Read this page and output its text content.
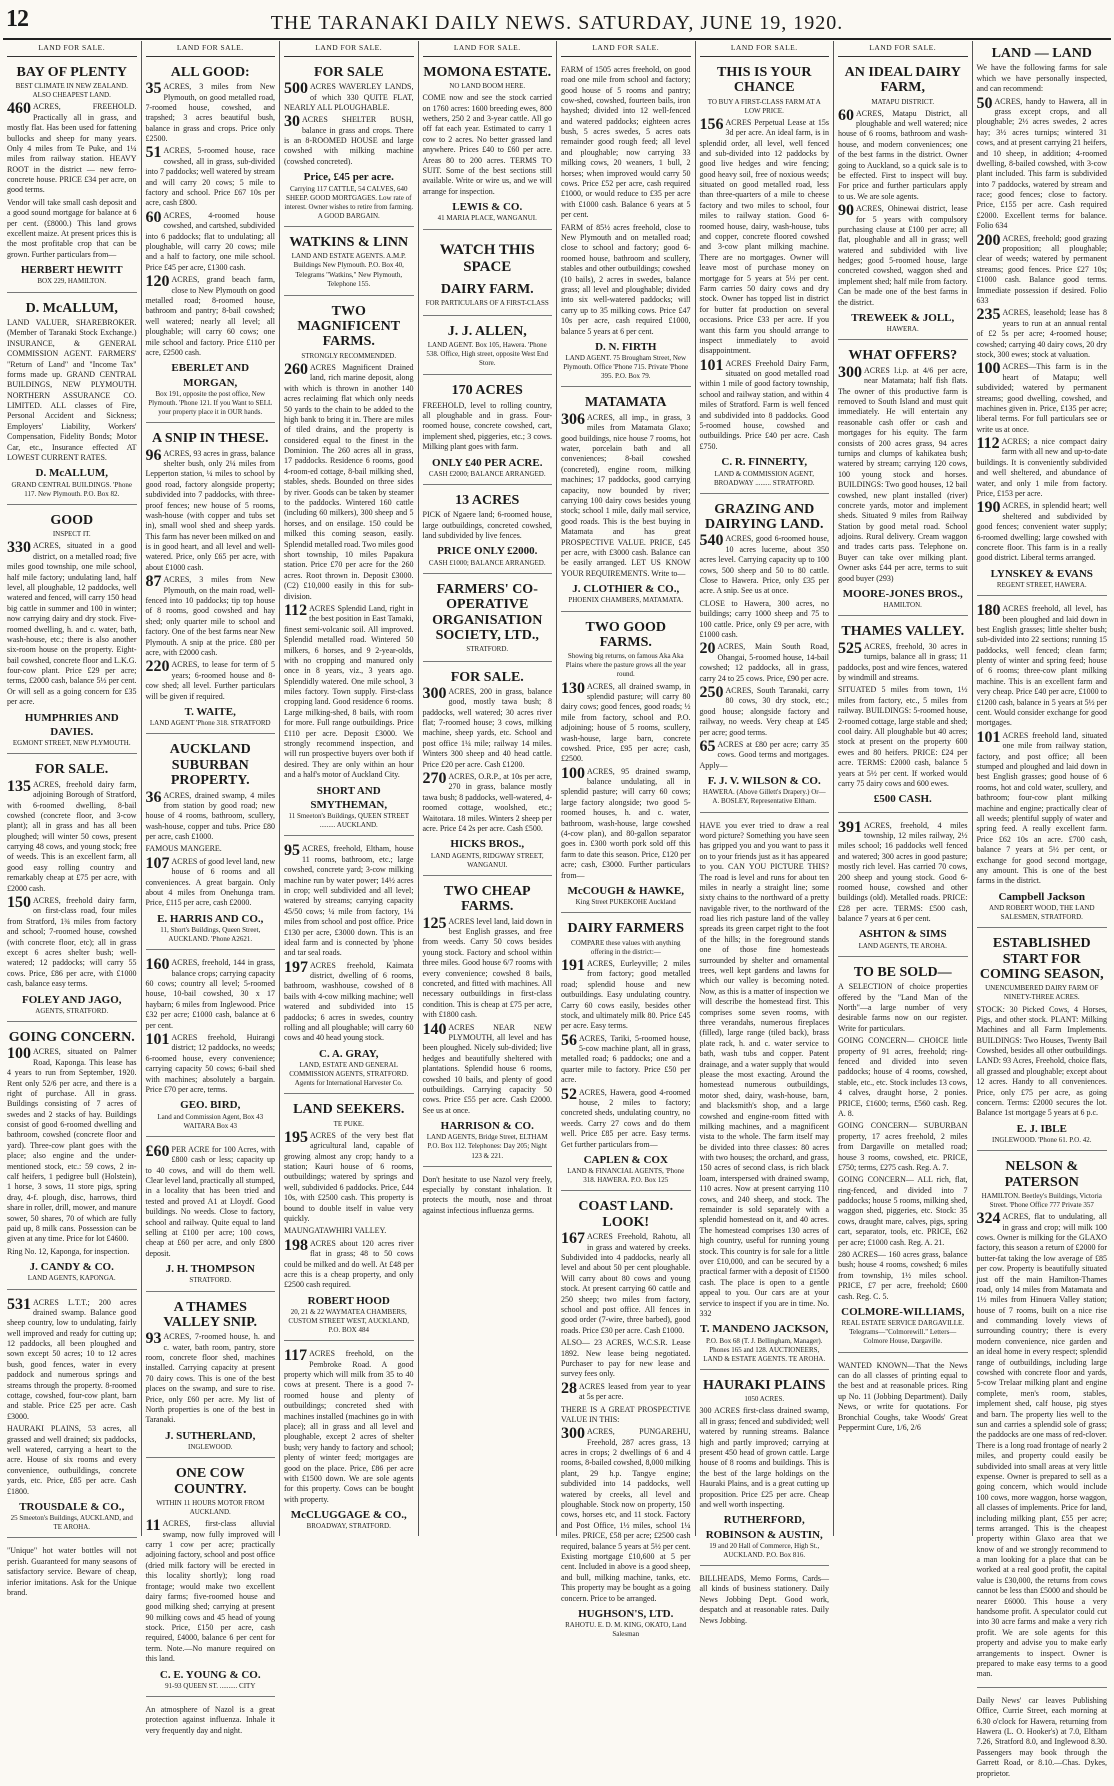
12	THE TARANAKI DAILY NEWS. SATURDAY, JUNE 19, 1920.
LAND FOR SALE.
BAY OF PLENTY
BEST CLIMATE IN NEW ZEALAND. ALSO CHEAPEST LAND.
460 ACRES, FREEHOLD. Practically all in grass, and mostly flat. Has been used for fattening bullocks and sheep for many years. Only 4 miles from Te Puke, and 1¼ miles from railway station. HEAVY ROOT in the district — new ferro-concrete house. PRICE £34 per acre, on good terms.
Vendor will take small cash deposit and a good sound mortgage for balance at 6 per cent. (£8000.) This land grows excellent maize. At present prices this is the most profitable crop that can be grown. Further particulars from—
HERBERT HEWITT
BOX 229, HAMILTON.
D. McALLUM,
LAND VALUER, SHAREBROKER. (Member of Taranaki Stock Exchange.) INSURANCE, & GENERAL COMMISSION AGENT. FARMERS' "Return of Land" and "Income Tax" forms made up. GRAND CENTRAL BUILDINGS, NEW PLYMOUTH. NORTHERN ASSURANCE CO. LIMITED. ALL classes of Fire, Personal Accident and Sickness; Employers' Liability, Workers' Compensation, Fidelity Bonds; Motor Car, etc., Insurance effected AT LOWEST CURRENT RATES.
D. McALLUM,
GRAND CENTRAL BUILDINGS. 'Phone 117. New Plymouth. P.O. Box 82.
GOOD
INSPECT IT.
330 ACRES, situated in a good district, on a metalled road; five miles good township, one mile school, half mile factory; undulating land, half level, all ploughable, 12 paddocks, well watered and fenced, will carry 150 head big cattle in summer and 100 in winter; now carrying dairy and dry stock. Five-roomed dwelling, h. and c. water, bath, wash-house, etc.; there is also another six-room house on the property. Eight-bail cowshed, concrete floor and L.K.G. four-cow plant. Price £29 per acre; terms, £2000 cash, balance 5½ per cent. Or will sell as a going concern for £35 per acre.
HUMPHRIES AND DAVIES.
EGMONT STREET, NEW PLYMOUTH.
FOR SALE.
135 ACRES, freehold dairy farm, adjoining Borough of Stratford, with 6-roomed dwelling, 8-bail cowshed (concrete floor, and 3-cow plant); all in grass and has all been ploughed; will winter 50 cows, present carrying 48 cows, and young stock; free of weeds. This is an excellent farm, all good easy rolling country and remarkably cheap at £75 per acre, with £2000 cash.
150 ACRES, freehold dairy farm, on first-class road, four miles from Stratford, 1¾ miles from factory and school; 7-roomed house, cowshed (with concrete floor, etc); all in grass except 6 acres shelter bush; well-watered; 12 paddocks; will carry 55 cows. Price, £86 per acre, with £1000 cash, balance easy terms.
FOLEY AND JAGO,
AGENTS, STRATFORD.
GOING CONCERN.
100 ACRES, situated on Palmer Road, Kaponga. This lease has 4 years to run from September, 1920. Rent only 52/6 per acre, and there is a right of purchase. All in grass. Buildings consisting of 7 acres of swedes and 2 stacks of hay. Buildings consist of good 6-roomed dwelling and bathroom, cowshed (concrete floor and yard). Three-cow plant goes with the place; also engine and the under-mentioned stock, etc.: 59 cows, 2 in-calf heifers, 1 pedigree bull (Holstein), 1 horse, 3 sows, 11 store pigs, spring dray, 4-f. plough, disc, harrows, third share in roller, drill, mower, and manure sower, 50 shares, 70 of which are fully paid up, 8 milk cans. Possession can be given at any time. Price for lot £4600.
Ring No. 12, Kaponga, for inspection.
J. CANDY & CO.
LAND AGENTS, KAPONGA.
531 ACRES L.T.T.; 200 acres drained swamp. Balance good sheep country, low to undulating, fairly well improved and ready for cutting up; 12 paddocks, all been ploughed and sown except 50 acres; 10 to 12 acres bush, good fences, water in every paddock and numerous springs and streams through the property. 8-roomed cottage, cowshed, four-cow plant, barn and stable. Price £25 per acre. Cash £3000.
HAURAKI PLAINS, 53 acres, all grassed and well drained; six paddocks, well watered, carrying a heart to the acre. House of six rooms and every convenience, outbuildings, concrete yards, etc. Price, £85 per acre. Cash £1800.
TROUSDALE & CO.,
25 Smeeton's Buildings, AUCKLAND, and TE AROHA.
"Unique" hot water bottles will not perish. Guaranteed for many seasons of satisfactory service. Beware of cheap, inferior imitations. Ask for the Unique brand.
LAND FOR SALE.
ALL GOOD:
35 ACRES, 3 miles from New Plymouth, on good metalled road, 7-roomed house, cowshed, and trapshed; 3 acres beautiful bush, balance in grass and crops. Price only £2500.
51 ACRES, 5-roomed house, race cowshed, all in grass, sub-divided into 7 paddocks; well watered by stream and will carry 20 cows; 5 mile to factory and school. Price £67 10s per acre, cash £800.
60 ACRES, 4-roomed house cowshed, and cartshed, subdivided into 6 paddocks; flat to undulating; all ploughable, will carry 20 cows; mile and a half to factory, one mile school. Price £45 per acre, £1300 cash.
120 ACRES, grand beach farm, close to New Plymouth on good metalled road; 8-roomed house, bathroom and pantry; 8-bail cowshed; well watered; nearly all level; all ploughable; will carry 60 cows; one mile school and factory. Price £110 per acre, £2500 cash.
EBERLET AND MORGAN,
Box 191, opposite the post office, New Plymouth. 'Phone 121. If you Want to SELL your property place it in OUR hands.
A SNIP IN THESE.
96 ACRES, 93 acres in grass, balance shelter bush, only 2¼ miles from Lepperton station, ¼ miles to school by good road, factory alongside property; subdivided into 7 paddocks, with three-proof fences; new house of 5 rooms, wash-house (with copper and tubs set in), small wool shed and sheep yards. This farm has never been milked on and is in good heart, and all level and well-watered. Price, only £65 per acre, with about £1000 cash.
87 ACRES, 3 miles from New Plymouth, on the main road, well-fenced into 10 paddocks; tip top house of 8 rooms, good cowshed and hay shed; only quarter mile to school and factory. One of the best farms near New Plymouth. A snip at the price. £80 per acre, with £2000 cash.
220 ACRES, to lease for term of 5 years; 6-roomed house and 8-cow shed; all level. Further particulars will be given if required.
T. WAITE,
LAND AGENT 'Phone 318. STRATFORD
AUCKLAND SUBURBAN PROPERTY.
36 ACRES, drained swamp, 4 miles from station by good road; new house of 4 rooms, bathroom, scullery, wash-house, copper and tubs. Price £80 per acre, cash £1000.
FAMOUS MANGERE.
107 ACRES of good level land, new house of 6 rooms and all conveniences. A great bargain. Only about 4 miles from Onehunga tram. Price, £115 per acre, cash £2000.
E. HARRIS AND CO.,
11, Short's Buildings, Queen Street, AUCKLAND. 'Phone A2621.
160 ACRES, freehold, 144 in grass, balance crops; carrying capacity 60 cows; country all level; 5-roomed house, 10-bail cowshed, 30 x 17 haybarn; 6 miles from Inglewood. Price £32 per acre; £1000 cash, balance at 6 per cent.
101 ACRES freehold, Huirangi district; 12 paddocks, no weeds; 6-roomed house, every convenience; carrying capacity 50 cows; 6-bail shed with machines; absolutely a bargain. Price £70 per acre, terms.
GEO. BIRD,
Land and Commission Agent, Box 43 WAITARA Box 43
£60 PER ACRE for 100 Acres, with £800 cash or less; capacity up to 40 cows, and will do them well. Clear level land, practically all stumped, in a locality that has been tried and tested and proved A1 at Lloydf. Good buildings. No weeds. Close to factory, school and railway. Quite equal to land selling at £100 per acre; 100 cows, cheap at £60 per acre, and only £800 deposit.
J. H. THOMPSON
STRATFORD.
A THAMES VALLEY SNIP.
93 ACRES, 7-roomed house, h. and c. water, bath room, pantry, store room, concrete floor shed, machines installed. Carrying capacity at present 70 dairy cows. This is one of the best places on the swamp, and sure to rise. Price, only £60 per acre. My list of North properties is one of the best in Taranaki.
J. SUTHERLAND,
INGLEWOOD.
ONE COW COUNTRY.
WITHIN 11 HOURS MOTOR FROM AUCKLAND.
11 ACRES, first-class alluvial swamp, now fully improved will carry 1 cow per acre; practically adjoining factory, school and post office (dried milk factory will be erected in this locality shortly); long road frontage; would make two excellent dairy farms; five-roomed house and good milking shed; carrying at present 90 milking cows and 45 head of young stock. Price, £150 per acre, cash required, £4000, balance 6 per cent for term. Note.—No manure required on this land.
C. E. YOUNG & CO.
91-93 QUEEN ST. .......... CITY
An atmosphere of Nazol is a great protection against influenza. Inhale it very frequently day and night.
LAND FOR SALE.
FOR SALE
500 ACRES WAVERLEY LANDS, of which 330 QUITE FLAT, NEARLY ALL PLOUGHABLE.
30 ACRES SHELTER BUSH, balance in grass and crops. There is an 8-ROOMED HOUSE and large cowshed with milking machine (cowshed concreted).
Price, £45 per acre.
Carrying 117 CATTLE, 54 CALVES, 640 SHEEP. GOOD MORTGAGES. Low rate of interest. Owner wishes to retire from farming. A GOOD BARGAIN.
WATKINS & LINN
LAND AND ESTATE AGENTS. A.M.P. Buildings New Plymouth. P.O. Box 40, Telegrams "Watkins," New Plymouth, Telephone 155.
TWO MAGNIFICENT FARMS.
STRONGLY RECOMMENDED.
260 ACRES Magnificent Drained land, rich marine deposit, along with which is thrown in another 140 acres reclaiming flat which only needs 50 yards to the chain to be added to the high bank to bring it in. There are miles of tiled drains, and the property is considered equal to the finest in the Dominion. The 260 acres all in grass, 17 paddocks. Residence 6 rooms, good 4-room-ed cottage, 8-bail milking shed, stables, sheds. Bounded on three sides by river. Goods can be taken by steamer to the paddocks. Wintered 160 cattle (including 60 milkers), 300 sheep and 5 horses, and on ensilage. 150 could be milked this coming season, easily. Splendid metalled road. Two miles good short township, 10 miles Papakura station. Price £70 per acre for the 260 acres. Root thrown in. Deposit £3000. (C2) £10,000 easily in this for sub-division.
112 ACRES Splendid Land, right in the best position in East Tamaki, finest semi-volcanic soil. All improved. Splendid metalled road. Wintered 50 milkers, 6 horses, and 9 2-year-olds, with no cropping and manured only once in 8 years, viz., 3 years ago. Splendidly watered. One mile school, 3 miles factory. Town supply. First-class cropping land. Good residence 6 rooms. Large milking-shed, 8 bails, with room for more. Full range outbuildings. Price £110 per acre. Deposit £3000. We strongly recommend inspection, and will run prospective buyers over both if desired. They are only within an hour and a half's motor of Auckland City.
SHORT AND SMYTHEMAN,
11 Smeeton's Buildings, QUEEN STREET ......... AUCKLAND.
95 ACRES, freehold, Eltham, house 11 rooms, bathroom, etc.; large cowshed, concrete yard; 3-cow milking machine run by water power; 14½ acres in crop; well subdivided and all level; watered by streams; carrying capacity 45/50 cows; ¼ mile from factory, 1¼ miles from school and post office. Price £130 per acre, £3000 down. This is an ideal farm and is connected by 'phone and tar seal roads.
197 ACRES freehold, Kaimata district, dwelling of 6 rooms, bathroom, washhouse, cowshed of 8 bails with 4-cow milking machine; well watered and subdivided into 15 paddocks; 6 acres in swedes, country rolling and all ploughable; will carry 60 cows and 40 head young stock.
C. A. GRAY,
LAND, ESTATE AND GENERAL COMMISSION AGENTS, STRATFORD. Agents for International Harvester Co.
LAND SEEKERS.
TE PUKE.
195 ACRES of the very best flat agricultural land, capable of growing almost any crop; handy to a station; Kauri house of 6 rooms, outbuildings; watered by springs and well, subdivided 6 paddocks. Price, £44 10s, with £2500 cash. This property is bound to double itself in value very quickly.
MAUNGATAWHIRI VALLEY.
198 ACRES about 120 acres river flat in grass; 48 to 50 cows could be milked and do well. At £48 per acre this is a cheap property, and only £2500 cash required.
ROBERT HOOD
20, 21 & 22 WAYMATEA CHAMBERS, CUSTOM STREET WEST, AUCKLAND, P.O. BOX 484
117 ACRES freehold, on the Pembroke Road. A good property which will milk from 35 to 40 cows at present. There is a good 7-roomed house and plenty of outbuildings; concreted shed with machines installed (machines go in with place); all in grass and all level and ploughable, except 2 acres of shelter bush; very handy to factory and school; plenty of winter feed; mortgages are good on the place. Price, £86 per acre with £1500 down. We are sole agents for this property. Cows can be bought with property.
McCLUGGAGE & CO.,
BROADWAY, STRATFORD.
LAND FOR SALE.
MOMONA ESTATE.
NO LAND BOOM HERE.
COME now and see the stock carried on 1760 acres: 1600 breeding ewes, 800 wethers, 250 2 and 3-year cattle. All go off fat each year. Estimated to carry 1 cow to 2 acres. No better grassed land anywhere. Prices £40 to £60 per acre. Areas 80 to 200 acres. TERMS TO SUIT. Some of the best sections still available. Write or wire us, and we will arrange for inspection.
LEWIS & CO.
41 MARIA PLACE, WANGANUI.
WATCH THIS SPACE
DAIRY FARM.
FOR PARTICULARS OF A FIRST-CLASS
J. J. ALLEN,
LAND AGENT. Box 105, Hawera. 'Phone 538. Office, High street, opposite West End Store.
170 ACRES
FREEHOLD, level to rolling country, all ploughable and in grass. Four-roomed house, concrete cowshed, cart, implement shed, piggeries, etc.; 3 cows. Milking plant goes with farm.
ONLY £40 PER ACRE.
CASH £2000; BALANCE ARRANGED.
13 ACRES
PICK of Ngaere land; 6-roomed house, large outbuildings, concreted cowshed, land subdivided by live fences.
PRICE ONLY £2000.
CASH £1000; BALANCE ARRANGED.
FARMERS' CO-OPERATIVE ORGANISATION SOCIETY, LTD.,
STRATFORD.
FOR SALE.
300 ACRES, 200 in grass, balance good, mostly tawa bush; 8 paddocks, well watered; 30 acres river flat; 7-roomed house; 3 cows, milking machine, sheep yards, etc. School and post office 1¼ mile; railway 14 miles. Winters 300 sheep and 40 head cattle. Price £20 per acre. Cash £1200.
270 ACRES, O.R.P., at 10s per acre, 270 in grass, balance mostly tawa bush; 8 paddocks, well-watered, 4-roomed cottage, woolshed, etc.; Waitotara. 18 miles. Winters 2 sheep per acre. Price £4 2s per acre. Cash £500.
HICKS BROS.,
LAND AGENTS, RIDGWAY STREET, WANGANUI.
TWO CHEAP FARMS.
125 ACRES level land, laid down in best English grasses, and free from weeds. Carry 50 cows besides young stock. Factory and school within three miles. Good house 6/7 rooms with every convenience; cowshed 8 bails, concreted, and fitted with machines. All necessary outbuildings in first-class condition. This is cheap at £75 per acre, with £1800 cash.
140 ACRES NEAR NEW PLYMOUTH, all level and has been ploughed. Nicely sub-divided; live hedges and beautifully sheltered with plantations. Splendid house 6 rooms, cowshed 10 bails, and plenty of good outbuildings. Carrying capacity 50 cows. Price £55 per acre. Cash £2000. See us at once.
HARRISON & CO.
LAND AGENTS, Bridge Street, ELTHAM P.O. Box 112. Telephones: Day 205; Night 123 & 221.
Don't hesitate to use Nazol very freely, especially by constant inhalation. It protects the mouth, nose and throat against infectious influenza germs.
LAND FOR SALE.
FARM of 1505 acres freehold, on good road one mile from school and factory; good house of 5 rooms and pantry; cow-shed, cowshed, fourteen bails, iron hayshed; divided into 12 well-fenced and watered paddocks; eighteen acres bush, 5 acres swedes, 5 acres oats remainder good rough feed; all level and ploughable; now carrying 33 milking cows, 20 weaners, 1 bull, 2 horses; when improved would carry 50 cows. Price £52 per acre, cash required £1000, or would reduce to £35 per acre with £1000 cash. Balance 6 years at 5 per cent.
FARM of 85½ acres freehold, close to New Plymouth and on metalled road; close to school and factory; good 6-roomed house, bathroom and scullery, stables and other outbuildings; cowshed (10 bails), 2 acres in swedes, balance grass; all level and ploughable; divided into six well-watered paddocks; will carry up to 35 milking cows. Price £47 10s per acre, cash required £1000, balance 5 years at 6 per cent.
D. N. FIRTH
LAND AGENT. 75 Brougham Street, New Plymouth. Office 'Phone 715. Private 'Phone 395. P.O. Box 79.
MATAMATA
306 ACRES, all imp., in grass, 3 miles from Matamata Glaxo; good buildings, nice house 7 rooms, hot water, porcelain bath and all conveniences; 8-bail cowshed (concreted), engine room, milking machines; 17 paddocks, good carrying capacity, now bounded by river; carrying 100 dairy cows besides young stock; school 1 mile, daily mail service, good roads. This is the best buying in Matamata and has great PROSPECTIVE VALUE. PRICE, £45 per acre, with £3000 cash. Balance can be easily arranged. LET US KNOW YOUR REQUIREMENTS. Write to—
J. CLOTHIER & CO.,
PHOENIX CHAMBERS, MATAMATA.
TWO GOOD FARMS.
Showing big returns, on famous Aka Aka Plains where the pasture grows all the year round.
130 ACRES, all drained swamp, in splendid pasture; will carry 80 dairy cows; good fences, good roads; ½ mile from factory, school and P.O. adjoining; house of 5 rooms, scullery, wash-house, large barn, concrete cowshed. Price, £95 per acre; cash, £2500.
100 ACRES, 95 drained swamp, balance undulating, all in splendid pasture; will carry 60 cows; large factory alongside; two good 5-roomed houses, h. and c. water, bathroom, wash-house, large cowshed (4-cow plan), and 80-gallon separator goes in. £300 worth pork sold off this farm to date this season. Price, £120 per acre; cash, £3000. Further particulars from—
McCOUGH & HAWKE,
King Street PUKEKOHE Auckland
DAIRY FARMERS
COMPARE these values with anything offering in the district:—
191 ACRES, Eurleyville; 2 miles from factory; good metalled road; splendid house and new outbuildings. Easy undulating country. Carry 60 cows easily, besides other stock, and ultimately milk 80. Price £45 per acre. Easy terms.
56 ACRES, Tariki, 5-roomed house, 5-cow machine plant, all in grass, metalled road; 6 paddocks; one and a quarter mile to factory. Price £50 per acre.
52 ACRES, Hawera, good 4-roomed house, 2 miles to factory; concreted sheds, undulating country, no weeds. Carry 27 cows and do them well. Price £85 per acre. Easy terms. Get further particulars from—
CAPLEN & COX
LAND & FINANCIAL AGENTS, 'Phone 318. HAWERA. P.O. Box 125
COAST LAND. LOOK!
167 ACRES Freehold, Rahotu, all in grass and watered by creeks. Subdivided into 4 paddocks, nearly all level and about 50 per cent ploughable. Will carry about 80 cows and young stock. At present carrying 60 cattle and 250 sheep; two miles from factory, school and post office. All fences in good order (7-wire, three barbed), good roads. Price £30 per acre. Cash £1000.
ALSO— 23 ACRES, W.C.S.R. Lease 1892. New lease being negotiated. Purchaser to pay for new lease and survey fees only.
28 ACRES leased from year to year at 5s per acre.
THERE IS A GREAT PROSPECTIVE VALUE IN THIS:
300 ACRES, PUNGAREHU, Freehold, 287 acres grass, 13 acres in crops; 2 dwellings of 6 and 4 rooms, 8-bailed cowshed, 8,000 milking plant, 29 h.p. Tangye engine; subdivided into 14 paddocks, well watered by creeks, all level and ploughable. Stock now on property, 150 cows, horses etc, and 11 stock. Factory and Post Office, 1½ miles, school 1¼ miles. PRICE, £58 per acre; £2500 cash required, balance 5 years at 5½ per cent. Existing mortgage £10,600 at 5 per cent. Included in above is a good sheep, and bull, milking machine, tanks, etc. This property may be bought as a going concern. Price to be arranged.
HUGHSON'S, LTD.
RAHOTU. E. D. M. KING, OKATO, Land Salesman
LAND FOR SALE.
THIS IS YOUR CHANCE
TO BUY A FIRST-CLASS FARM AT A LOW PRICE.
156 ACRES Perpetual Lease at 15s 3d per acre. An ideal farm, is in splendid order, all level, well fenced and sub-divided into 12 paddocks by good live hedges and wire fencing; good heavy soil, free of noxious weeds; situated on good metalled road, less than three-quarters of a mile to cheese factory and two miles to school, four miles to railway station. Good 6-roomed house, dairy, wash-house, tubs and copper, concrete floored cowshed and 3-cow plant milking machine. There are no mortgages. Owner will leave most of purchase money on mortgage for 5 years at 5½ per cent. Farm carries 50 dairy cows and dry stock. Owner has topped list in district for butter fat production on several occasions. Price £33 per acre. If you want this farm you should arrange to inspect immediately to avoid disappointment.
101 ACRES Freehold Dairy Farm, situated on good metalled road within 1 mile of good factory township, school and railway station, and within 4 miles of Stratford. Farm is well fenced and subdivided into 8 paddocks. Good 5-roomed house, cowshed and outbuildings. Price £40 per acre. Cash £750.
C. R. FINNERTY,
LAND & COMMISSION AGENT, BROADWAY ......... STRATFORD.
GRAZING AND DAIRYING LAND.
540 ACRES, good 6-roomed house, 10 acres lucerne, about 350 acres level. Carrying capacity up to 100 cows, 500 sheep and 50 to 80 cattle. Close to Hawera. Price, only £35 per acre. A snip. See us at once.
CLOSE to Hawera, 300 acres, no buildings; carry 1000 sheep and 75 to 100 cattle. Price, only £9 per acre, with £1000 cash.
20 ACRES, Main South Road, Ohangai, 5-roomed house, 14-bail cowshed; 12 paddocks, all in grass, carry 24 to 25 cows. Price, £90 per acre.
250 ACRES, South Taranaki, carry 80 cows, 30 dry stock, etc.; good house; alongside factory and railway, no weeds. Very cheap at £45 per acre; good terms.
65 ACRES at £80 per acre; carry 35 cows. Good terms and mortgages. Apply—
F. J. V. WILSON & CO.
HAWERA. (Above Gillett's Drapery.) Or— A. BOSLEY, Representative Eltham.
HAVE you ever tried to draw a real word picture? Something you have seen has gripped you and you want to pass it on to your friends just as it has appeared to you. CAN YOU PICTURE THIS? The road is level and runs for about ten miles in nearly a straight line; some sixty chains to the northward of a pretty navigable river, to the northward of the road lies rich pasture land of the valley spreads its green carpet right to the foot of the hills; in the foreground stands one of those fine homesteads surrounded by shelter and ornamental trees, well kept gardens and lawns for which our valley is becoming noted. Now, as this is a matter of inspection we will describe the homestead first. This comprises some seven rooms, with three verandahs, numerous fireplaces (filled), large range (tiled back), brass plate rack, h. and c. water service to bath, wash tubs and copper. Patent drainage, and a water supply that would please the most exacting. Around the homestead numerous outbuildings, motor shed, dairy, wash-house, barn, and blacksmith's shop, and a large cowshed and engine-room fitted with milking machines, and a magnificent vista to the whole. The farm itself may be divided into three classes: 80 acres with two houses; the orchard, and grass, 150 acres of second class, is rich black loam, interspersed with drained swamp, 110 acres. Now at present carrying 110 cows, and 240 sheep, and stock. The remainder is sold separately with a splendid homestead on it, and 40 acres. The homestead comprises 130 acres of high country, useful for running young stock. This country is for sale for a little over £10,000, and can be secured by a practical farmer with a deposit of £1500 cash. The place is open to a gentle appeal to you. Our cars are at your service to inspect if you are in time. No. 332
T. MANDENO JACKSON,
P.O. Box 68 (T. J. Bellingham, Manager). Phones 165 and 128. AUCTIONEERS, LAND & ESTATE AGENTS. TE AROHA.
HAURAKI PLAINS
1050 ACRES.
300 ACRES first-class drained swamp, all in grass; fenced and subdivided; well watered by running streams. Balance high and partly improved; carrying at present 450 head of grown cattle. Large house of 8 rooms and buildings. This is the best of the large holdings on the Hauraki Plains, and is a great cutting up proposition. Price £25 per acre. Cheap and well worth inspecting.
RUTHERFORD, ROBINSON & AUSTIN,
19 and 20 Hall of Commerce, High St., AUCKLAND. P.O. Box 816.
BILLHEADS, Memo Forms, Cards—all kinds of business stationery. Daily News Jobbing Dept. Good work, despatch and at reasonable rates. Daily News Jobbing.
LAND FOR SALE.
AN IDEAL DAIRY FARM,
MATAPU DISTRICT.
60 ACRES, Matapu District, all ploughable and well watered; nice house of 6 rooms, bathroom and wash-house, and modern conveniences; one of the best farms in the district. Owner going to Auckland, so a quick sale is to be effected. First to inspect will buy. For price and further particulars apply to us. We are sole agents.
90 ACRES, Ohinewai district, lease for 5 years with compulsory purchasing clause at £100 per acre; all flat, ploughable and all in grass; well watered and subdivided with live hedges; good 5-roomed house, large concreted cowshed, waggon shed and implement shed; half mile from factory. Can be made one of the best farms in the district.
TREWEEK & JOLL,
HAWERA.
WHAT OFFERS?
300 ACRES l.i.p. at 4/6 per acre, near Matamata; half fish flats. The owner of this productive farm is removed to South Island and must quit immediately. He will entertain any reasonable cash offer or cash and mortgages for his equity. The farm consists of 200 acres grass, 94 acres turnips and clumps of kahikatea bush; watered by stream; carrying 120 cows, 100 young stock and horses. BUILDINGS: Two good houses, 12 bail cowshed, new plant installed (river) concrete yards, motor and implement sheds. Situated 9 miles from Railway Station by good metal road. School adjoins. Rural delivery. Cream waggon and trades carts pass. Telephone on. Buyer can take over milking plant. Owner asks £44 per acre, terms to suit good buyer (293)
MOORE-JONES BROS.,
HAMILTON.
THAMES VALLEY.
525 ACRES, freehold, 30 acres in turnips, balance all in grass; 11 paddocks, post and wire fences, watered by windmill and streams.
SITUATED 5 miles from town, 1½ miles from factory, etc., 5 miles from railway. BUILDINGS: 5-roomed house, 2-roomed cottage, large stable and shed; cool dairy. All ploughable but 40 acres; stock at present on the property 600 ewes and 80 heifers. PRICE: £24 per acre. TERMS: £2000 cash, balance 5 years at 5½ per cent. If worked would carry 75 dairy cows and 600 ewes.
£500 CASH.
391 ACRES, freehold, 4 miles township, 12 miles railway, 2½ miles school; 16 paddocks well fenced and watered; 300 acres in good pasture; mostly rich level. Has carried 70 cows, 200 sheep and young stock. Good 6-roomed house, cowshed and other buildings (old). Metalled roads. PRICE: £28 per acre. TERMS: £500 cash, balance 7 years at 6 per cent.
ASHTON & SIMS
LAND AGENTS, TE AROHA.
TO BE SOLD—
A SELECTION of choice properties offered by the "Land Man of the North"—a large number of very desirable farms now on our register. Write for particulars.
GOING CONCERN— CHOICE little property of 91 acres, freehold; ring-fenced and divided into seven paddocks; house of 4 rooms, cowshed, stable, etc., etc. Stock includes 13 cows, 4 calves, draught horse, 2 ponies. PRICE, £1600; terms, £560 cash. Reg. A. 8.
GOING CONCERN— SUBURBAN property, 17 acres freehold, 2 miles from Dargaville on metalled road; house 3 rooms, cowshed, etc. PRICE, £750; terms, £275 cash. Reg. A. 7.
GOING CONCERN— ALL rich, flat, ring-fenced, and divided into 7 paddocks; house 5 rooms, milking shed, waggon shed, piggeries, etc. Stock: 35 cows, draught mare, calves, pigs, spring cart, separator, tools, etc. PRICE, £62 per acre; £1000 cash. Reg. A. 21.
280 ACRES— 160 acres grass, balance bush; house 4 rooms, cowshed; 6 miles from township, 1½ miles school. PRICE, £7 per acre, freehold; £600 cash. Reg. C. 5.
COLMORE-WILLIAMS,
REAL ESTATE SERVICE DARGAVILLE. Telegrams—"Colmorewill." Letters—Colmore House, Dargaville.
WANTED KNOWN—That the News can do all classes of printing equal to the best and at reasonable prices. Ring up No. 11 (Jobbing Department). Daily News, or write for quotations. For Bronchial Coughs, take Woods' Great Peppermint Cure, 1/6, 2/6
LAND — LAND
We have the following farms for sale which we have personally inspected, and can recommend:
50 ACRES, handy to Hawera, all in grass except crops, and all ploughable; 2½ acres swedes, 2 acres hay; 3½ acres turnips; wintered 31 cows, and at present carrying 21 heifers, and 10 sheep, in addition; 4-roomed dwelling, 8-bailed cowshed, with 3-cow plant included. This farm is subdivided into 7 paddocks, watered by stream and race; good fences; close to factory. Price, £155 per acre. Cash required £2000. Excellent terms for balance. Folio 634
200 ACRES, freehold; good grazing proposition; all ploughable; clear of weeds; watered by permanent streams; good fences. Price £27 10s; £1000 cash. Balance good terms. Immediate possession if desired. Folio 633
235 ACRES, leasehold; lease has 8 years to run at an annual rental of £2 5s per acre; 4-roomed house; cowshed; carrying 40 dairy cows, 20 dry stock, 300 ewes; stock at valuation.
100 ACRES—This farm is in the heart of Matapu; well subdivided; watered by permanent streams; good dwelling, cowshed, and machines given in. Price, £135 per acre; liberal terms. For full particulars see or write us at once.
112 ACRES; a nice compact dairy farm with all new and up-to-date buildings. It is conveniently subdivided and well sheltered, and abundance of water, and only 1 mile from factory. Price, £153 per acre.
190 ACRES, in splendid heart; well sheltered and subdivided by good fences; convenient water supply; 6-roomed dwelling; large cowshed with concrete floor. This farm is in a really good district. Liberal terms arranged.
LYNSKEY & EVANS
REGENT STREET, HAWERA.
180 ACRES freehold, all level, has been ploughed and laid down in best English grasses; little shelter bush; sub-divided into 22 sections; running 15 paddocks, well fenced; clean farm; plenty of winter and spring feed; house of 6 rooms; three-cow plant milking machine. This is an excellent farm and very cheap. Price £40 per acre, £1000 to £1200 cash, balance in 5 years at 5½ per cent. Would consider exchange for good mortgages.
101 ACRES freehold land, situated one mile from railway station, factory, and post office; all been stumped and ploughed and laid down in best English grasses; good house of 6 rooms, hot and cold water, scullery, and bathroom; four-cow plant milking machine and engine; practically clear of all weeds; plentiful supply of water and spring feed. A really excellent farm. Price £62 10s an acre. £700 cash, balance 7 years at 5½ per cent, or exchange for good second mortgage, any amount. This is one of the best farms in the district.
Campbell Jackson
AND ROBERT WOOD, THE LAND SALESMEN, STRATFORD.
ESTABLISHED START FOR COMING SEASON,
UNENCUMBERED DAIRY FARM OF NINETY-THREE ACRES.
STOCK: 30 Picked Cows, 4 Horses, Pigs, and other stock. PLANT: Milking Machines and all Farm Implements. BUILDINGS: Two Houses, Twenty Bail Cowshed, besides all other outbuildings. LAND: 93 Acres, Freehold, choice flats, all grassed and ploughable; except about 12 acres. Handy to all conveniences. Price, only £75 per acre, as going concern. Terms: £2000 secures the lot. Balance 1st mortgage 5 years at 6 p.c.
E. J. IBLE
INGLEWOOD. 'Phone 61. P.O. 42.
NELSON & PATERSON
HAMILTON. Beetley's Buildings, Victoria Street. 'Phone Office 777 Private 357
324 ACRES, flat to undulating, all in grass and crop; will milk 100 cows. Owner is milking for the GLAXO factory, this season a return of £2000 for butter-fat taking the low average of £85 per cow. Property is beautifully situated just off the main Hamilton-Thames road, only 14 miles from Matamata and 1½ miles from Hinuera Valley station; house of 7 rooms, built on a nice rise and commanding lovely views of surrounding country; there is every modern convenience, nice garden and an ideal home in every respect; splendid range of outbuildings, including large cowshed with concrete floor and yards, 5-cow Trelaar milking plant and engine complete, men's room, stables, implement shed, calf house, pig styes and barn. The property lies well to the sun and carries a splendid sole of grass; the paddocks are one mass of red-clover. There is a long road frontage of nearly 2 miles, and property could easily be subdivided into small areas at very little expense. Owner is prepared to sell as a going concern, which would include 100 cows, more waggon, horse waggon, all classes of implements. Price for land, including milking plant, £55 per acre; terms arranged. This is the cheapest property within Glaxo area that we know of and we strongly recommend to a man looking for a place that can be worked at a real good profit, the capital value is £30,000, the returns from cows cannot be less than £5000 and should be nearer £6000. This house a very handsome profit. A speculator could cut into 30 acre farms and make a very rich profit. We are sole agents for this property and advise you to make early arrangements to inspect. Owner is prepared to make easy terms to a good man.
Daily News' car leaves Publishing Office, Currie Street, each morning at 6.30 o'clock for Hawera, returning from Hawera (L. O. Hooker's) at 7.0, Eltham 7.26, Stratford 8.0, and Inglewood 8.30. Passengers may book through the Garrett Road, or 8.10.—Chas. Dykes, proprietor.
